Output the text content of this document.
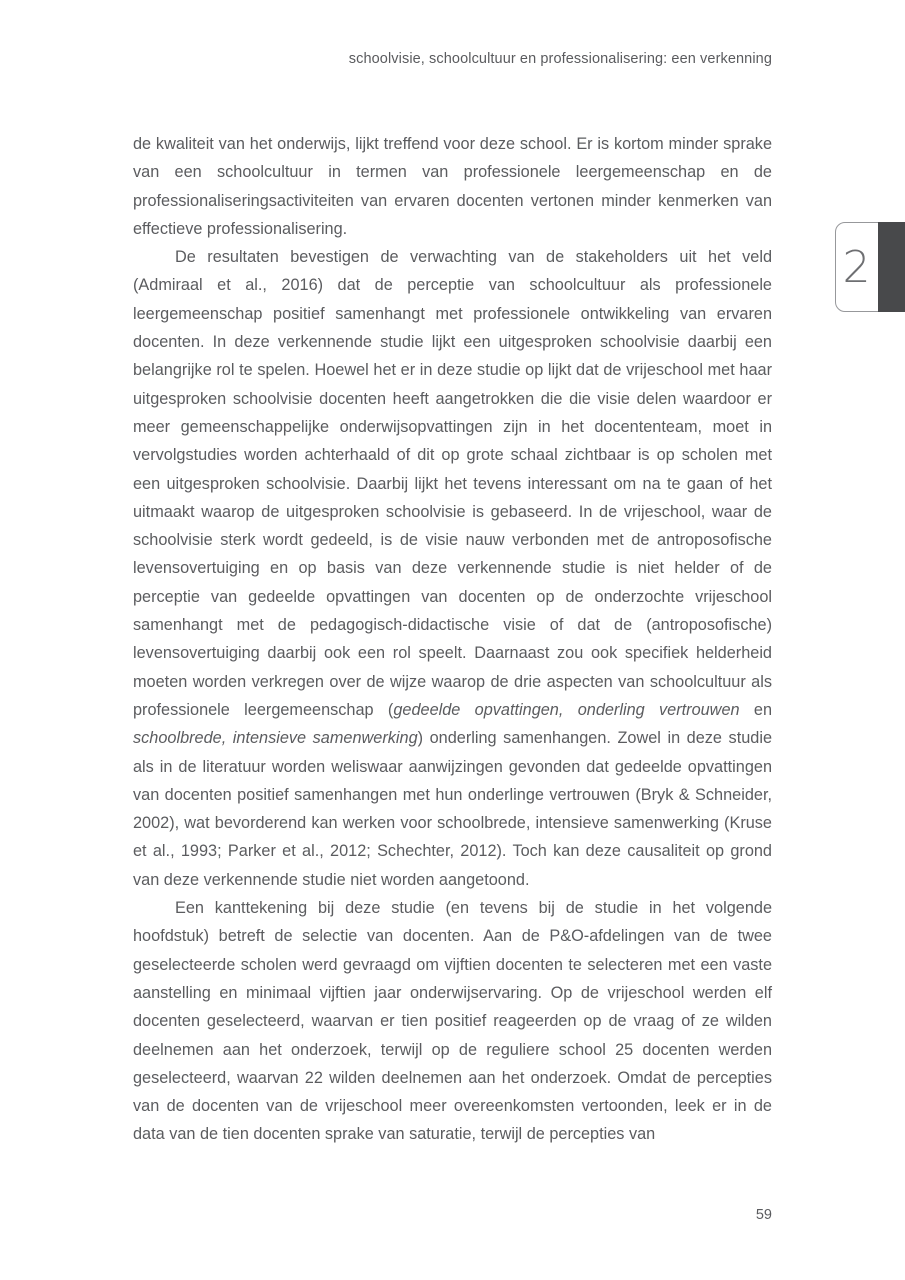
schoolvisie, schoolcultuur en professionalisering: een verkenning

de kwaliteit van het onderwijs, lijkt treffend voor deze school. Er is kortom minder sprake van een schoolcultuur in termen van professionele leergemeenschap en de professionaliseringsactiviteiten van ervaren docenten vertonen minder kenmerken van effectieve professionalisering.

De resultaten bevestigen de verwachting van de stakeholders uit het veld (Admiraal et al., 2016) dat de perceptie van schoolcultuur als professionele leergemeenschap positief samenhangt met professionele ontwikkeling van ervaren docenten. In deze verkennende studie lijkt een uitgesproken schoolvisie daarbij een belangrijke rol te spelen. Hoewel het er in deze studie op lijkt dat de vrijeschool met haar uitgesproken schoolvisie docenten heeft aangetrokken die die visie delen waardoor er meer gemeenschappelijke onderwijsopvattingen zijn in het docententeam, moet in vervolgstudies worden achterhaald of dit op grote schaal zichtbaar is op scholen met een uitgesproken schoolvisie. Daarbij lijkt het tevens interessant om na te gaan of het uitmaakt waarop de uitgesproken schoolvisie is gebaseerd. In de vrijeschool, waar de schoolvisie sterk wordt gedeeld, is de visie nauw verbonden met de antroposofische levensovertuiging en op basis van deze verkennende studie is niet helder of de perceptie van gedeelde opvattingen van docenten op de onderzochte vrijeschool samenhangt met de pedagogisch-didactische visie of dat de (antroposofische) levensovertuiging daarbij ook een rol speelt. Daarnaast zou ook specifiek helderheid moeten worden verkregen over de wijze waarop de drie aspecten van schoolcultuur als professionele leergemeenschap (gedeelde opvattingen, onderling vertrouwen en schoolbrede, intensieve samenwerking) onderling samenhangen. Zowel in deze studie als in de literatuur worden weliswaar aanwijzingen gevonden dat gedeelde opvattingen van docenten positief samenhangen met hun onderlinge vertrouwen (Bryk & Schneider, 2002), wat bevorderend kan werken voor schoolbrede, intensieve samenwerking (Kruse et al., 1993; Parker et al., 2012; Schechter, 2012). Toch kan deze causaliteit op grond van deze verkennende studie niet worden aangetoond.

Een kanttekening bij deze studie (en tevens bij de studie in het volgende hoofdstuk) betreft de selectie van docenten. Aan de P&O-afdelingen van de twee geselecteerde scholen werd gevraagd om vijftien docenten te selecteren met een vaste aanstelling en minimaal vijftien jaar onderwijservaring. Op de vrijeschool werden elf docenten geselecteerd, waarvan er tien positief reageerden op de vraag of ze wilden deelnemen aan het onderzoek, terwijl op de reguliere school 25 docenten werden geselecteerd, waarvan 22 wilden deelnemen aan het onderzoek. Omdat de percepties van de docenten van de vrijeschool meer overeenkomsten vertoonden, leek er in de data van de tien docenten sprake van saturatie, terwijl de percepties van

2
59
